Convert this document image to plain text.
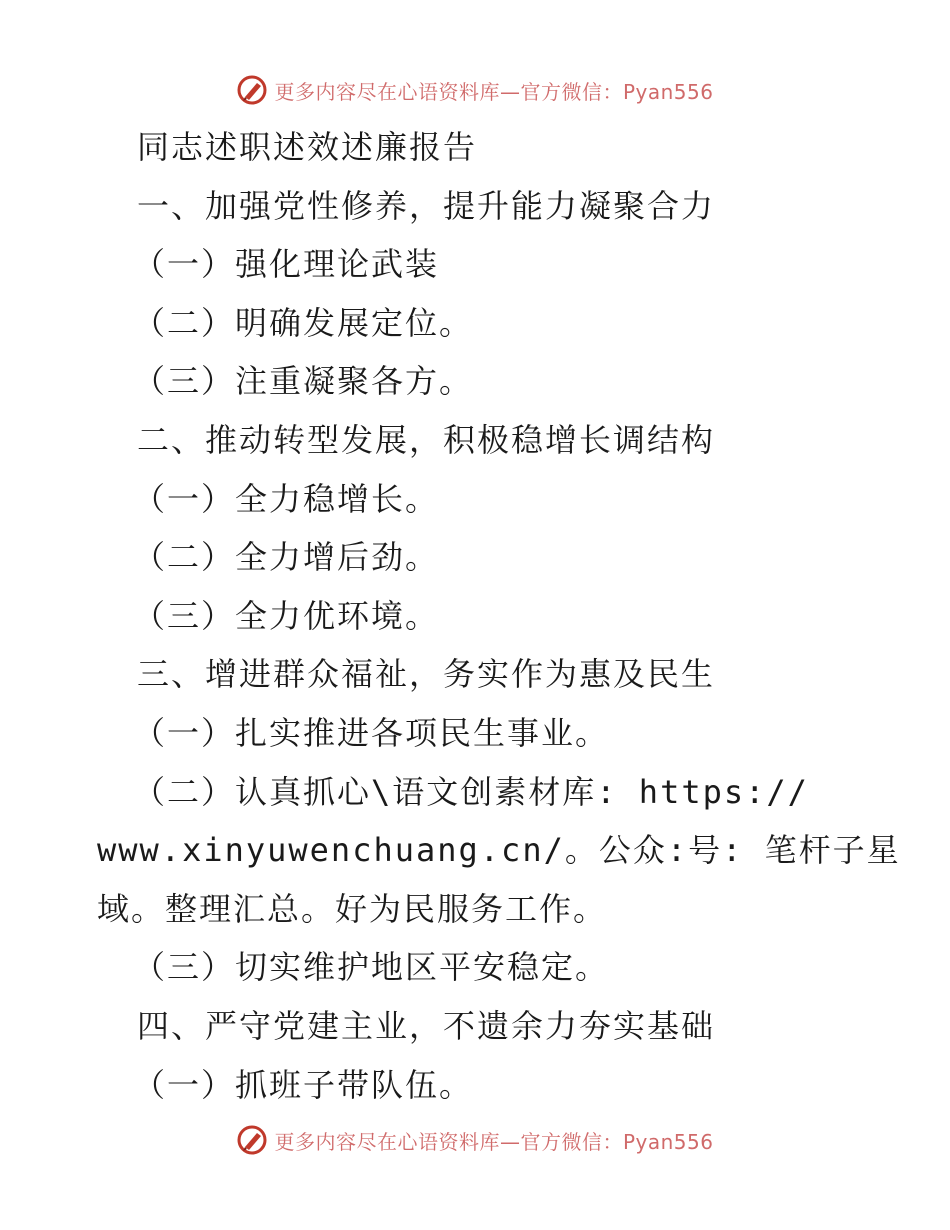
更多内容尽在心语资料库—官方微信：Pyan556
同志述职述效述廉报告
一、加强党性修养，提升能力凝聚合力
（一）强化理论武装
（二）明确发展定位。
（三）注重凝聚各方。
二、推动转型发展，积极稳增长调结构
（一）全力稳增长。
（二）全力增后劲。
（三）全力优环境。
三、增进群众福祉，务实作为惠及民生
（一）扎实推进各项民生事业。
（二）认真抓心\语文创素材库: https://
www.xinyuwenchuang.cn/。公众:号: 笔杆子星
域。整理汇总。好为民服务工作。
（三）切实维护地区平安稳定。
四、严守党建主业，不遗余力夯实基础
（一）抓班子带队伍。
更多内容尽在心语资料库—官方微信：Pyan556
